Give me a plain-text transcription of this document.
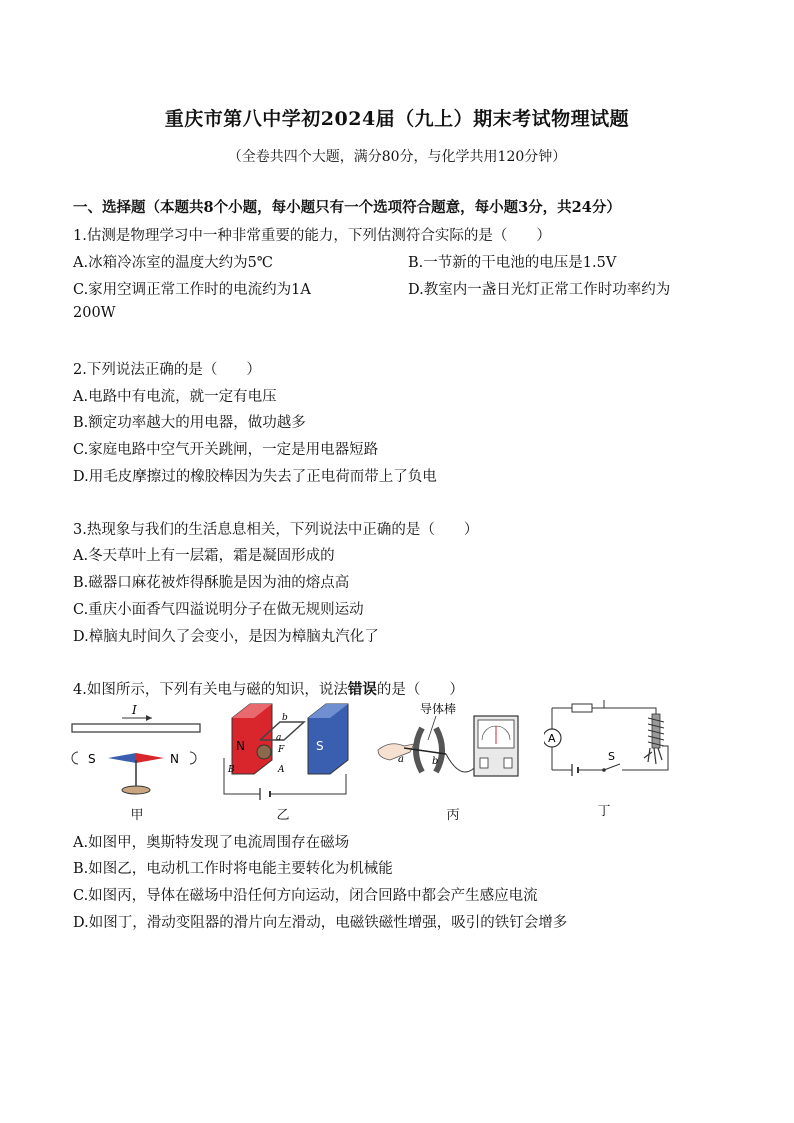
重庆市第八中学初2024届（九上）期末考试物理试题
（全卷共四个大题，满分80分，与化学共用120分钟）
一、选择题（本题共8个小题，每小题只有一个选项符合题意，每小题3分，共24分）
1.估测是物理学习中一种非常重要的能力，下列估测符合实际的是（　　）
A.冰箱冷冻室的温度大约为5℃	B.一节新的干电池的电压是1.5V
C.家用空调正常工作时的电流约为1A	D.教室内一盏日光灯正常工作时功率约为
200W
2.下列说法正确的是（　　）
A.电路中有电流，就一定有电压
B.额定功率越大的用电器，做功越多
C.家庭电路中空气开关跳闸，一定是用电器短路
D.用毛皮摩擦过的橡胶棒因为失去了正电荷而带上了负电
3.热现象与我们的生活息息相关，下列说法中正确的是（　　）
A.冬天草叶上有一层霜，霜是凝固形成的
B.磁器口麻花被炸得酥脆是因为油的熔点高
C.重庆小面香气四溢说明分子在做无规则运动
D.樟脑丸时间久了会变小，是因为樟脑丸汽化了
4.如图所示，下列有关电与磁的知识，说法错误的是（　　）
I
S	N
甲
N	S
b
a
F
B	A
乙
导体棒
a	b
丙
A
S
丁
A.如图甲，奥斯特发现了电流周围存在磁场
B.如图乙，电动机工作时将电能主要转化为机械能
C.如图丙，导体在磁场中沿任何方向运动，闭合回路中都会产生感应电流
D.如图丁，滑动变阻器的滑片向左滑动，电磁铁磁性增强，吸引的铁钉会增多
